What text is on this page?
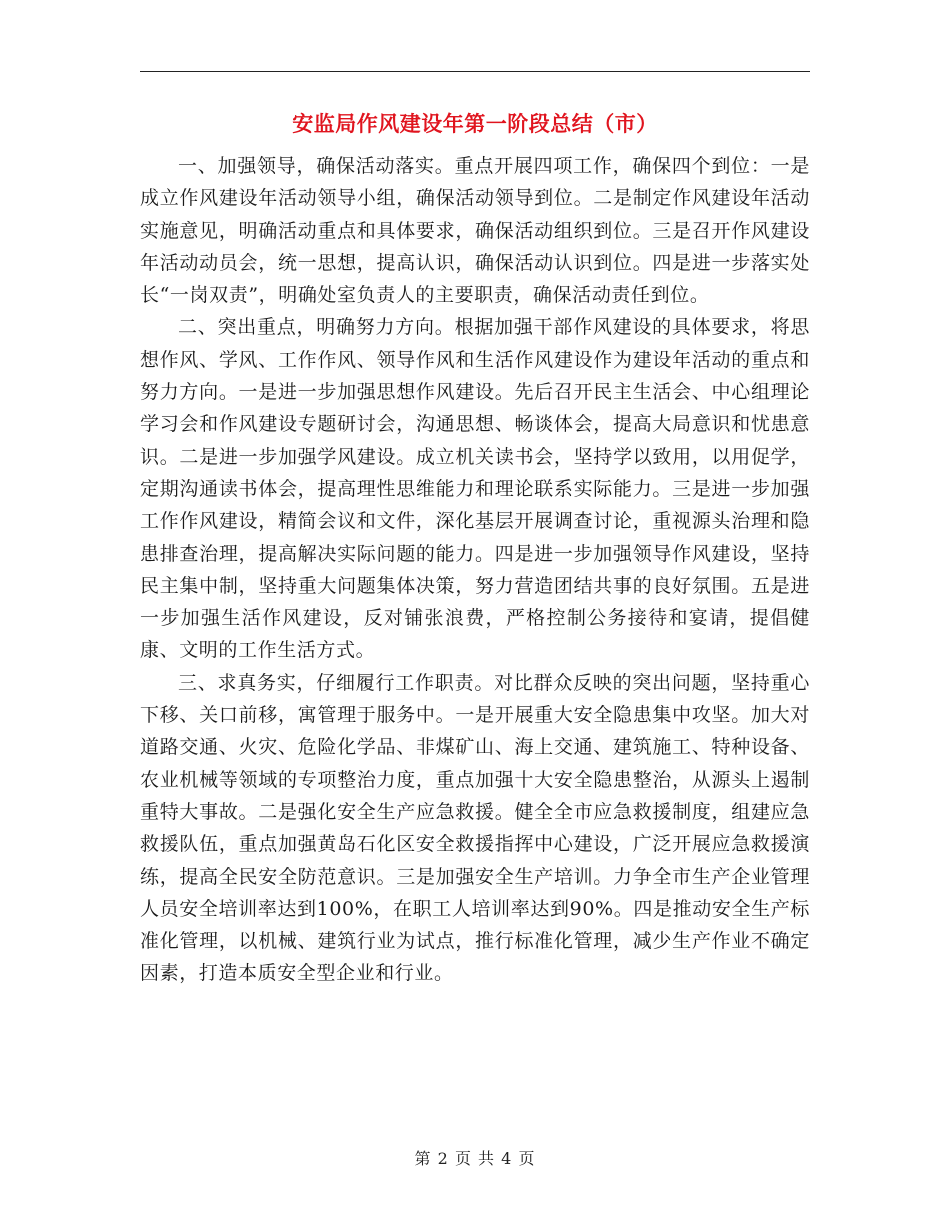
安监局作风建设年第一阶段总结（市）

一、加强领导，确保活动落实。重点开展四项工作，确保四个到位：一是成立作风建设年活动领导小组，确保活动领导到位。二是制定作风建设年活动实施意见，明确活动重点和具体要求，确保活动组织到位。三是召开作风建设年活动动员会，统一思想，提高认识，确保活动认识到位。四是进一步落实处长“一岗双责”，明确处室负责人的主要职责，确保活动责任到位。

二、突出重点，明确努力方向。根据加强干部作风建设的具体要求，将思想作风、学风、工作作风、领导作风和生活作风建设作为建设年活动的重点和努力方向。一是进一步加强思想作风建设。先后召开民主生活会、中心组理论学习会和作风建设专题研讨会，沟通思想、畅谈体会，提高大局意识和忧患意识。二是进一步加强学风建设。成立机关读书会，坚持学以致用，以用促学，定期沟通读书体会，提高理性思维能力和理论联系实际能力。三是进一步加强工作作风建设，精简会议和文件，深化基层开展调查讨论，重视源头治理和隐患排查治理，提高解决实际问题的能力。四是进一步加强领导作风建设，坚持民主集中制，坚持重大问题集体决策，努力营造团结共事的良好氛围。五是进一步加强生活作风建设，反对铺张浪费，严格控制公务接待和宴请，提倡健康、文明的工作生活方式。

三、求真务实，仔细履行工作职责。对比群众反映的突出问题，坚持重心下移、关口前移，寓管理于服务中。一是开展重大安全隐患集中攻坚。加大对道路交通、火灾、危险化学品、非煤矿山、海上交通、建筑施工、特种设备、农业机械等领域的专项整治力度，重点加强十大安全隐患整治，从源头上遏制重特大事故。二是强化安全生产应急救援。健全全市应急救援制度，组建应急救援队伍，重点加强黄岛石化区安全救援指挥中心建设，广泛开展应急救援演练，提高全民安全防范意识。三是加强安全生产培训。力争全市生产企业管理人员安全培训率达到100%，在职工人培训率达到90%。四是推动安全生产标准化管理，以机械、建筑行业为试点，推行标准化管理，减少生产作业不确定因素，打造本质安全型企业和行业。

第 2 页 共 4 页
